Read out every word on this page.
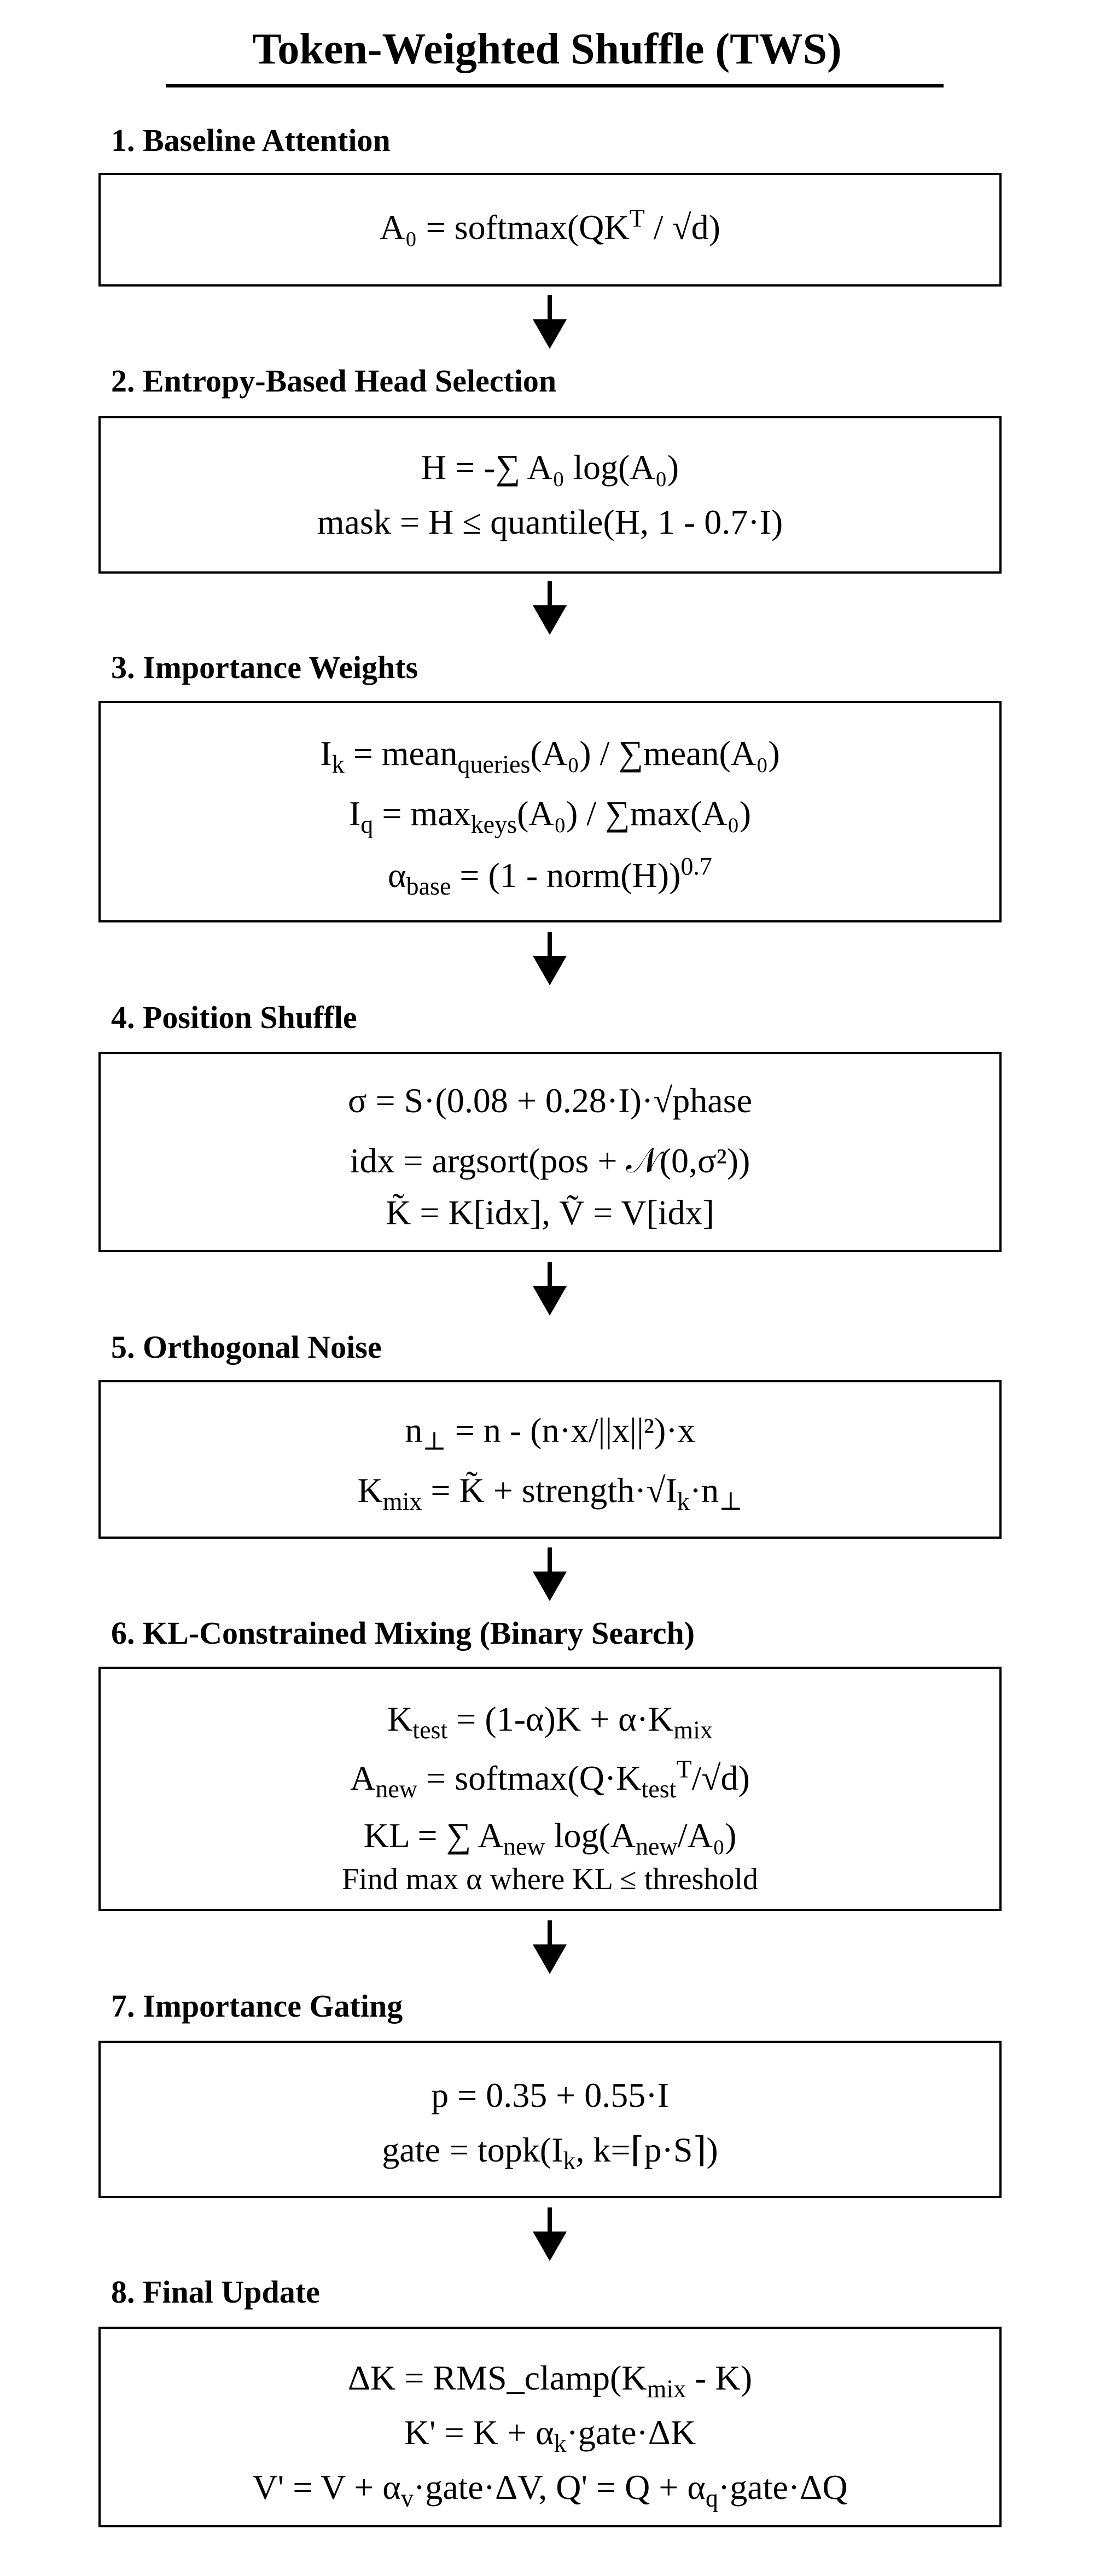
Token-Weighted Shuffle (TWS)
1. Baseline Attention
$A_0 = softmax(QK^T / √d)$
2. Entropy-Based Head Selection
H = -∑ A₀ log(A₀)
mask = H ≤ quantile(H, 1 - 0.7·I)
3. Importance Weights
$I_k$ = mean$_{queries}$(A₀) / ∑mean(A₀)
$I_q = \max_{keys}(A_0) / \sum\max(A_0)$
$\alpha_{base} = (1$ - norm(H))$^{0.7}$
4. Position Shuffle
σ = S·(0.08 + 0.28·I)·√phase
idx = argsort(pos + 𝒩(0,σ²))
K̃ = K[idx], Ṽ = V[idx]
5. Orthogonal Noise
$n_\perp = n - (n\cdot x/||x||^2)\cdot x$
$K_{mix}$ = K̃ + $strength\cdot√I_k\cdot n_\perp$
6. KL-Constrained Mixing (Binary Search)
$K_{test} = (1-\alpha)K + \alpha\cdot K_{mix}$
$A_{new}$ = $softmax(Q\cdot K_{test}^T/√d)$
KL = ∑ $A_{new}$ $\log(A_{new}/A_0)$
Find max α where KL ≤ threshold
7. Importance Gating
p = 0.35 + 0.55·I
gate = $topk(I_k$, k=⌈p·S⌉)
8. Final Update
$\Delta K = RMS\_clamp(K_{mix} - K)$
$K' = K + \alpha_k\cdot gate\cdot\Delta K$
$V' = V + \alpha_v\cdot gate\cdot\Delta V$, $Q' = Q + \alpha_q\cdot gate\cdot\Delta Q$
